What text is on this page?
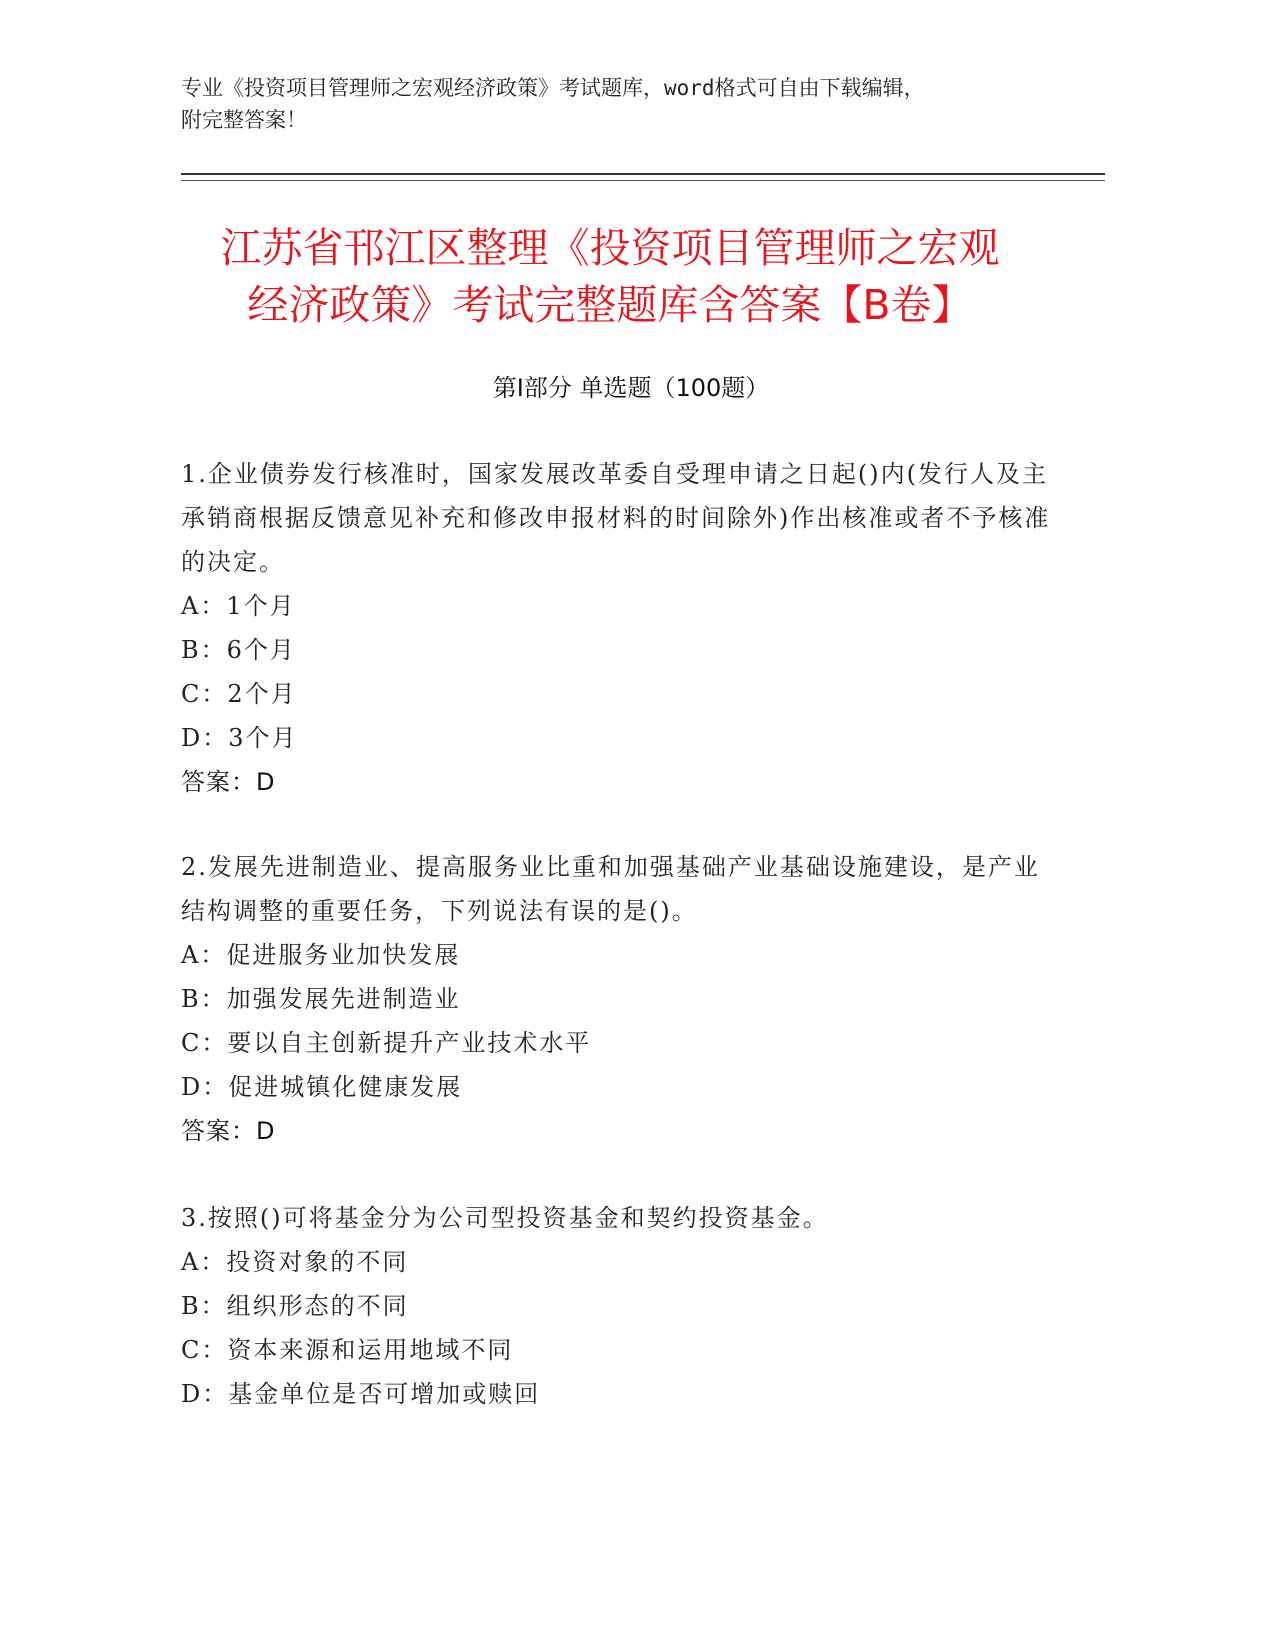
专业《投资项目管理师之宏观经济政策》考试题库，word格式可自由下载编辑，
附完整答案！
江苏省邗江区整理《投资项目管理师之宏观
经济政策》考试完整题库含答案【B卷】
第Ⅰ部分 单选题（100题）
1.企业债券发行核准时，国家发展改革委自受理申请之日起()内(发行人及主承销商根据反馈意见补充和修改申报材料的时间除外)作出核准或者不予核准的决定。
A：1个月
B：6个月
C：2个月
D：3个月
答案：D
2.发展先进制造业、提高服务业比重和加强基础产业基础设施建设，是产业结构调整的重要任务，下列说法有误的是()。
A：促进服务业加快发展
B：加强发展先进制造业
C：要以自主创新提升产业技术水平
D：促进城镇化健康发展
答案：D
3.按照()可将基金分为公司型投资基金和契约投资基金。
A：投资对象的不同
B：组织形态的不同
C：资本来源和运用地域不同
D：基金单位是否可增加或赎回
